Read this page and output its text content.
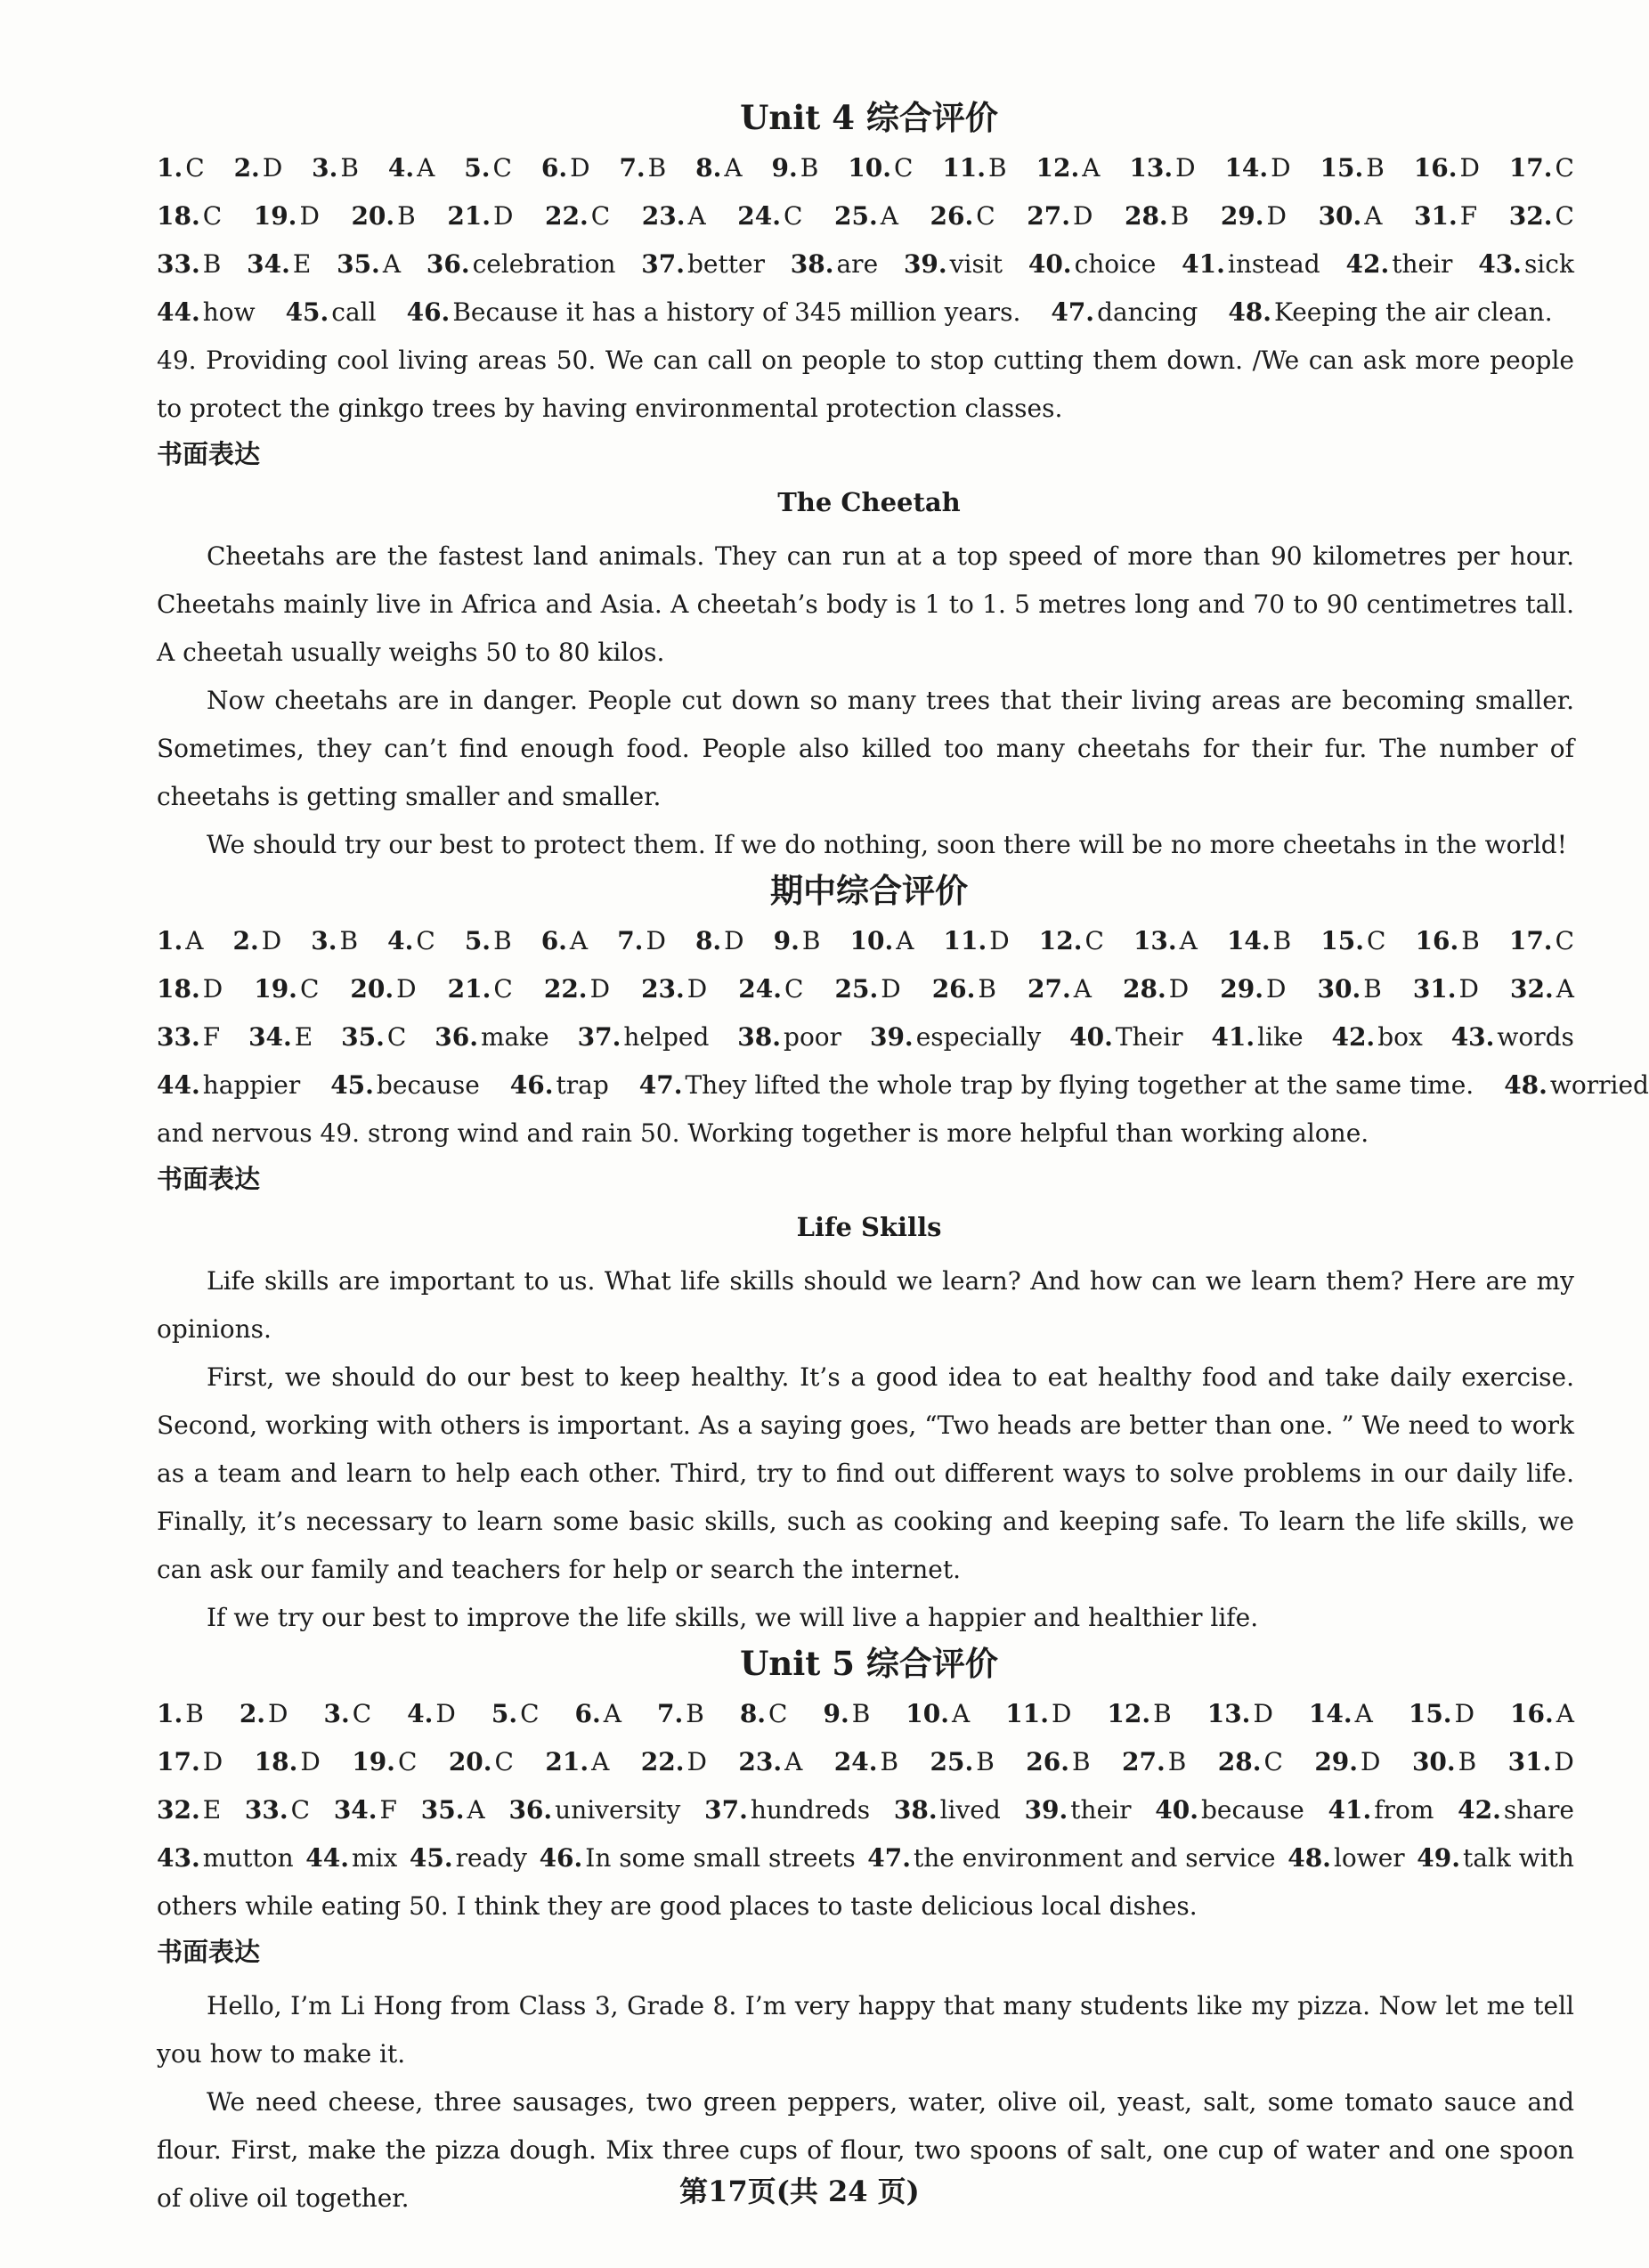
Unit 4 综合评价
1. C 2. D 3. B 4. A 5. C 6. D 7. B 8. A 9. B 10. C 11. B 12. A 13. D 14. D 15. B 16. D 17. C
18. C 19. D 20. B 21. D 22. C 23. A 24. C 25. A 26. C 27. D 28. B 29. D 30. A 31. F 32. C
33. B 34. E 35. A 36. celebration 37. better 38. are 39. visit 40. choice 41. instead 42. their 43. sick
44. how 45. call 46. Because it has a history of 345 million years. 47. dancing 48. Keeping the air clean.
49. Providing cool living areas 50. We can call on people to stop cutting them down. /We can ask more people to protect the ginkgo trees by having environmental protection classes.
书面表达
The Cheetah

Cheetahs are the fastest land animals. They can run at a top speed of more than 90 kilometres per hour. Cheetahs mainly live in Africa and Asia. A cheetah’s body is 1 to 1. 5 metres long and 70 to 90 centimetres tall. A cheetah usually weighs 50 to 80 kilos.

Now cheetahs are in danger. People cut down so many trees that their living areas are becoming smaller. Sometimes, they can’t find enough food. People also killed too many cheetahs for their fur. The number of cheetahs is getting smaller and smaller.

We should try our best to protect them. If we do nothing, soon there will be no more cheetahs in the world!

期中综合评价
1. A 2. D 3. B 4. C 5. B 6. A 7. D 8. D 9. B 10. A 11. D 12. C 13. A 14. B 15. C 16. B 17. C
18. D 19. C 20. D 21. C 22. D 23. D 24. C 25. D 26. B 27. A 28. D 29. D 30. B 31. D 32. A
33. F 34. E 35. C 36. make 37. helped 38. poor 39. especially 40. Their 41. like 42. box 43. words
44. happier 45. because 46. trap 47. They lifted the whole trap by flying together at the same time. 48. worried
and nervous 49. strong wind and rain 50. Working together is more helpful than working alone.
书面表达
Life Skills

Life skills are important to us. What life skills should we learn? And how can we learn them? Here are my opinions.

First, we should do our best to keep healthy. It’s a good idea to eat healthy food and take daily exercise. Second, working with others is important. As a saying goes, “Two heads are better than one. ” We need to work as a team and learn to help each other. Third, try to find out different ways to solve problems in our daily life. Finally, it’s necessary to learn some basic skills, such as cooking and keeping safe. To learn the life skills, we can ask our family and teachers for help or search the internet.

If we try our best to improve the life skills, we will live a happier and healthier life.

Unit 5 综合评价
1. B 2. D 3. C 4. D 5. C 6. A 7. B 8. C 9. B 10. A 11. D 12. B 13. D 14. A 15. D 16. A
17. D 18. D 19. C 20. C 21. A 22. D 23. A 24. B 25. B 26. B 27. B 28. C 29. D 30. B 31. D
32. E 33. C 34. F 35. A 36. university 37. hundreds 38. lived 39. their 40. because 41. from 42. share
43. mutton 44. mix 45. ready 46. In some small streets 47. the environment and service 48. lower 49. talk with
others while eating 50. I think they are good places to taste delicious local dishes.
书面表达

Hello, I’m Li Hong from Class 3, Grade 8. I’m very happy that many students like my pizza. Now let me tell you how to make it.

We need cheese, three sausages, two green peppers, water, olive oil, yeast, salt, some tomato sauce and flour. First, make the pizza dough. Mix three cups of flour, two spoons of salt, one cup of water and one spoon of olive oil together.	第17页(共 24 页)
